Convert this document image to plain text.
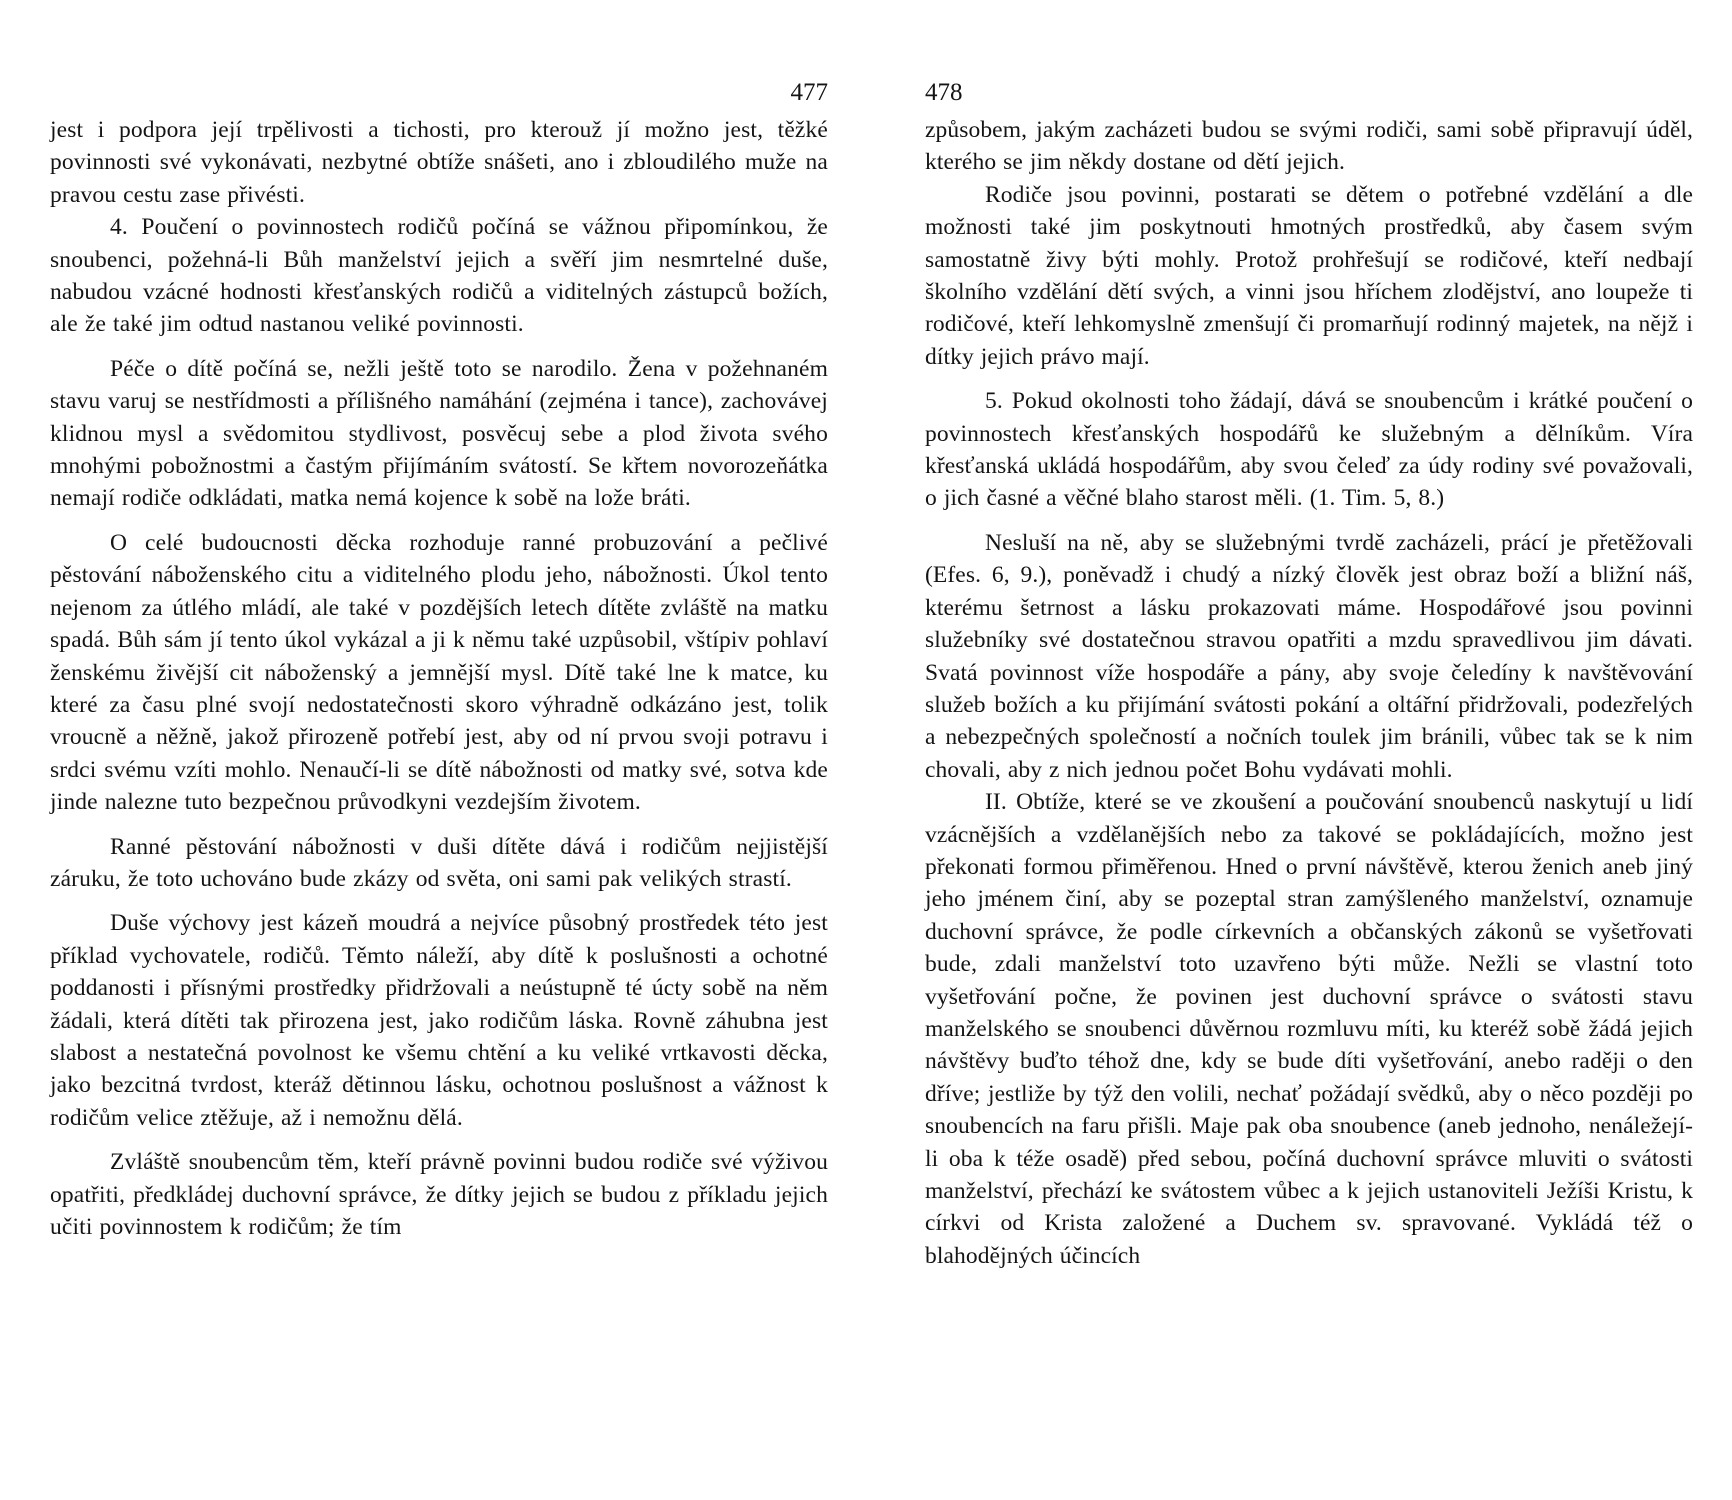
477

jest i podpora její trpělivosti a tichosti, pro kterouž jí možno jest, těžké povinnosti své vykonávati, nezbytné obtíže snášeti, ano i zbloudilého muže na pravou cestu zase přivésti.

4. Poučení o povinnostech rodičů počíná se vážnou připomínkou, že snoubenci, požehná-li Bůh manželství jejich a svěří jim nesmrtelné duše, nabudou vzácné hodnosti křesťanských rodičů a viditelných zástupců božích, ale že také jim odtud nastanou veliké povinnosti.

Péče o dítě počíná se, nežli ještě toto se narodilo. Žena v požehnaném stavu varuj se nestřídmosti a přílišného namáhání (zejména i tance), zachovávej klidnou mysl a svědomitou stydlivost, posvěcuj sebe a plod života svého mnohými pobožnostmi a častým přijímáním svátostí. Se křtem novorozeňátka nemají rodiče odkládati, matka nemá kojence k sobě na lože bráti.

O celé budoucnosti děcka rozhoduje ranné probuzování a pečlivé pěstování náboženského citu a viditelného plodu jeho, nábožnosti. Úkol tento nejenom za útlého mládí, ale také v pozdějších letech dítěte zvláště na matku spadá. Bůh sám jí tento úkol vykázal a ji k němu také uzpůsobil, vštípiv pohlaví ženskému živější cit náboženský a jemnější mysl. Dítě také lne k matce, ku které za času plné svojí nedostatečnosti skoro výhradně odkázáno jest, tolik vroucně a něžně, jakož přirozeně potřebí jest, aby od ní prvou svoji potravu i srdci svému vzíti mohlo. Nenaučí-li se dítě nábožnosti od matky své, sotva kde jinde nalezne tuto bezpečnou průvodkyni vezdejším životem.

Ranné pěstování nábožnosti v duši dítěte dává i rodičům nejjistější záruku, že toto uchováno bude zkázy od světa, oni sami pak velikých strastí.

Duše výchovy jest kázeň moudrá a nejvíce působný prostředek této jest příklad vychovatele, rodičů. Těmto náleží, aby dítě k poslušnosti a ochotné poddanosti i přísnými prostředky přidržovali a neústupně té úcty sobě na něm žádali, která dítěti tak přirozena jest, jako rodičům láska. Rovně záhubna jest slabost a nestatečná povolnost ke všemu chtění a ku veliké vrtkavosti děcka, jako bezcitná tvrdost, kteráž dětinnou lásku, ochotnou poslušnost a vážnost k rodičům velice ztěžuje, až i nemožnu dělá.

Zvláště snoubencům těm, kteří právně povinni budou rodiče své výživou opatřiti, předkládej duchovní správce, že dítky jejich se budou z příkladu jejich učiti povinnostem k rodičům; že tím

478

způsobem, jakým zacházeti budou se svými rodiči, sami sobě připravují úděl, kterého se jim někdy dostane od dětí jejich.

Rodiče jsou povinni, postarati se dětem o potřebné vzdělání a dle možnosti také jim poskytnouti hmotných prostředků, aby časem svým samostatně živy býti mohly. Protož prohřešují se rodičové, kteří nedbají školního vzdělání dětí svých, a vinni jsou hříchem zlodějství, ano loupeže ti rodičové, kteří lehkomyslně zmenšují či promarňují rodinný majetek, na nějž i dítky jejich právo mají.

5. Pokud okolnosti toho žádají, dává se snoubencům i krátké poučení o povinnostech křesťanských hospodářů ke služebným a dělníkům. Víra křesťanská ukládá hospodářům, aby svou čeleď za údy rodiny své považovali, o jich časné a věčné blaho starost měli. (1. Tim. 5, 8.)

Nesluší na ně, aby se služebnými tvrdě zacházeli, prácí je přetěžovali (Efes. 6, 9.), poněvadž i chudý a nízký člověk jest obraz boží a bližní náš, kterému šetrnost a lásku prokazovati máme. Hospodářové jsou povinni služebníky své dostatečnou stravou opatřiti a mzdu spravedlivou jim dávati. Svatá povinnost víže hospodáře a pány, aby svoje čeledíny k navštěvování služeb božích a ku přijímání svátosti pokání a oltářní přidržovali, podezřelých a nebezpečných společností a nočních toulek jim bránili, vůbec tak se k nim chovali, aby z nich jednou počet Bohu vydávati mohli.

II. Obtíže, které se ve zkoušení a poučování snoubenců naskytují u lidí vzácnějších a vzdělanějších nebo za takové se pokládajících, možno jest překonati formou přiměřenou. Hned o první návštěvě, kterou ženich aneb jiný jeho jménem činí, aby se pozeptal stran zamýšleného manželství, oznamuje duchovní správce, že podle církevních a občanských zákonů se vyšetřovati bude, zdali manželství toto uzavřeno býti může. Nežli se vlastní toto vyšetřování počne, že povinen jest duchovní správce o svátosti stavu manželského se snoubenci důvěrnou rozmluvu míti, ku kteréž sobě žádá jejich návštěvy buďto téhož dne, kdy se bude díti vyšetřování, anebo raději o den dříve; jestliže by týž den volili, nechať požádají svědků, aby o něco později po snoubencích na faru přišli. Maje pak oba snoubence (aneb jednoho, nenáležejí-li oba k téže osadě) před sebou, počíná duchovní správce mluviti o svátosti manželství, přechází ke svátostem vůbec a k jejich ustanoviteli Ježíši Kristu, k církvi od Krista založené a Duchem sv. spravované. Vykládá též o blahodějných účincích
